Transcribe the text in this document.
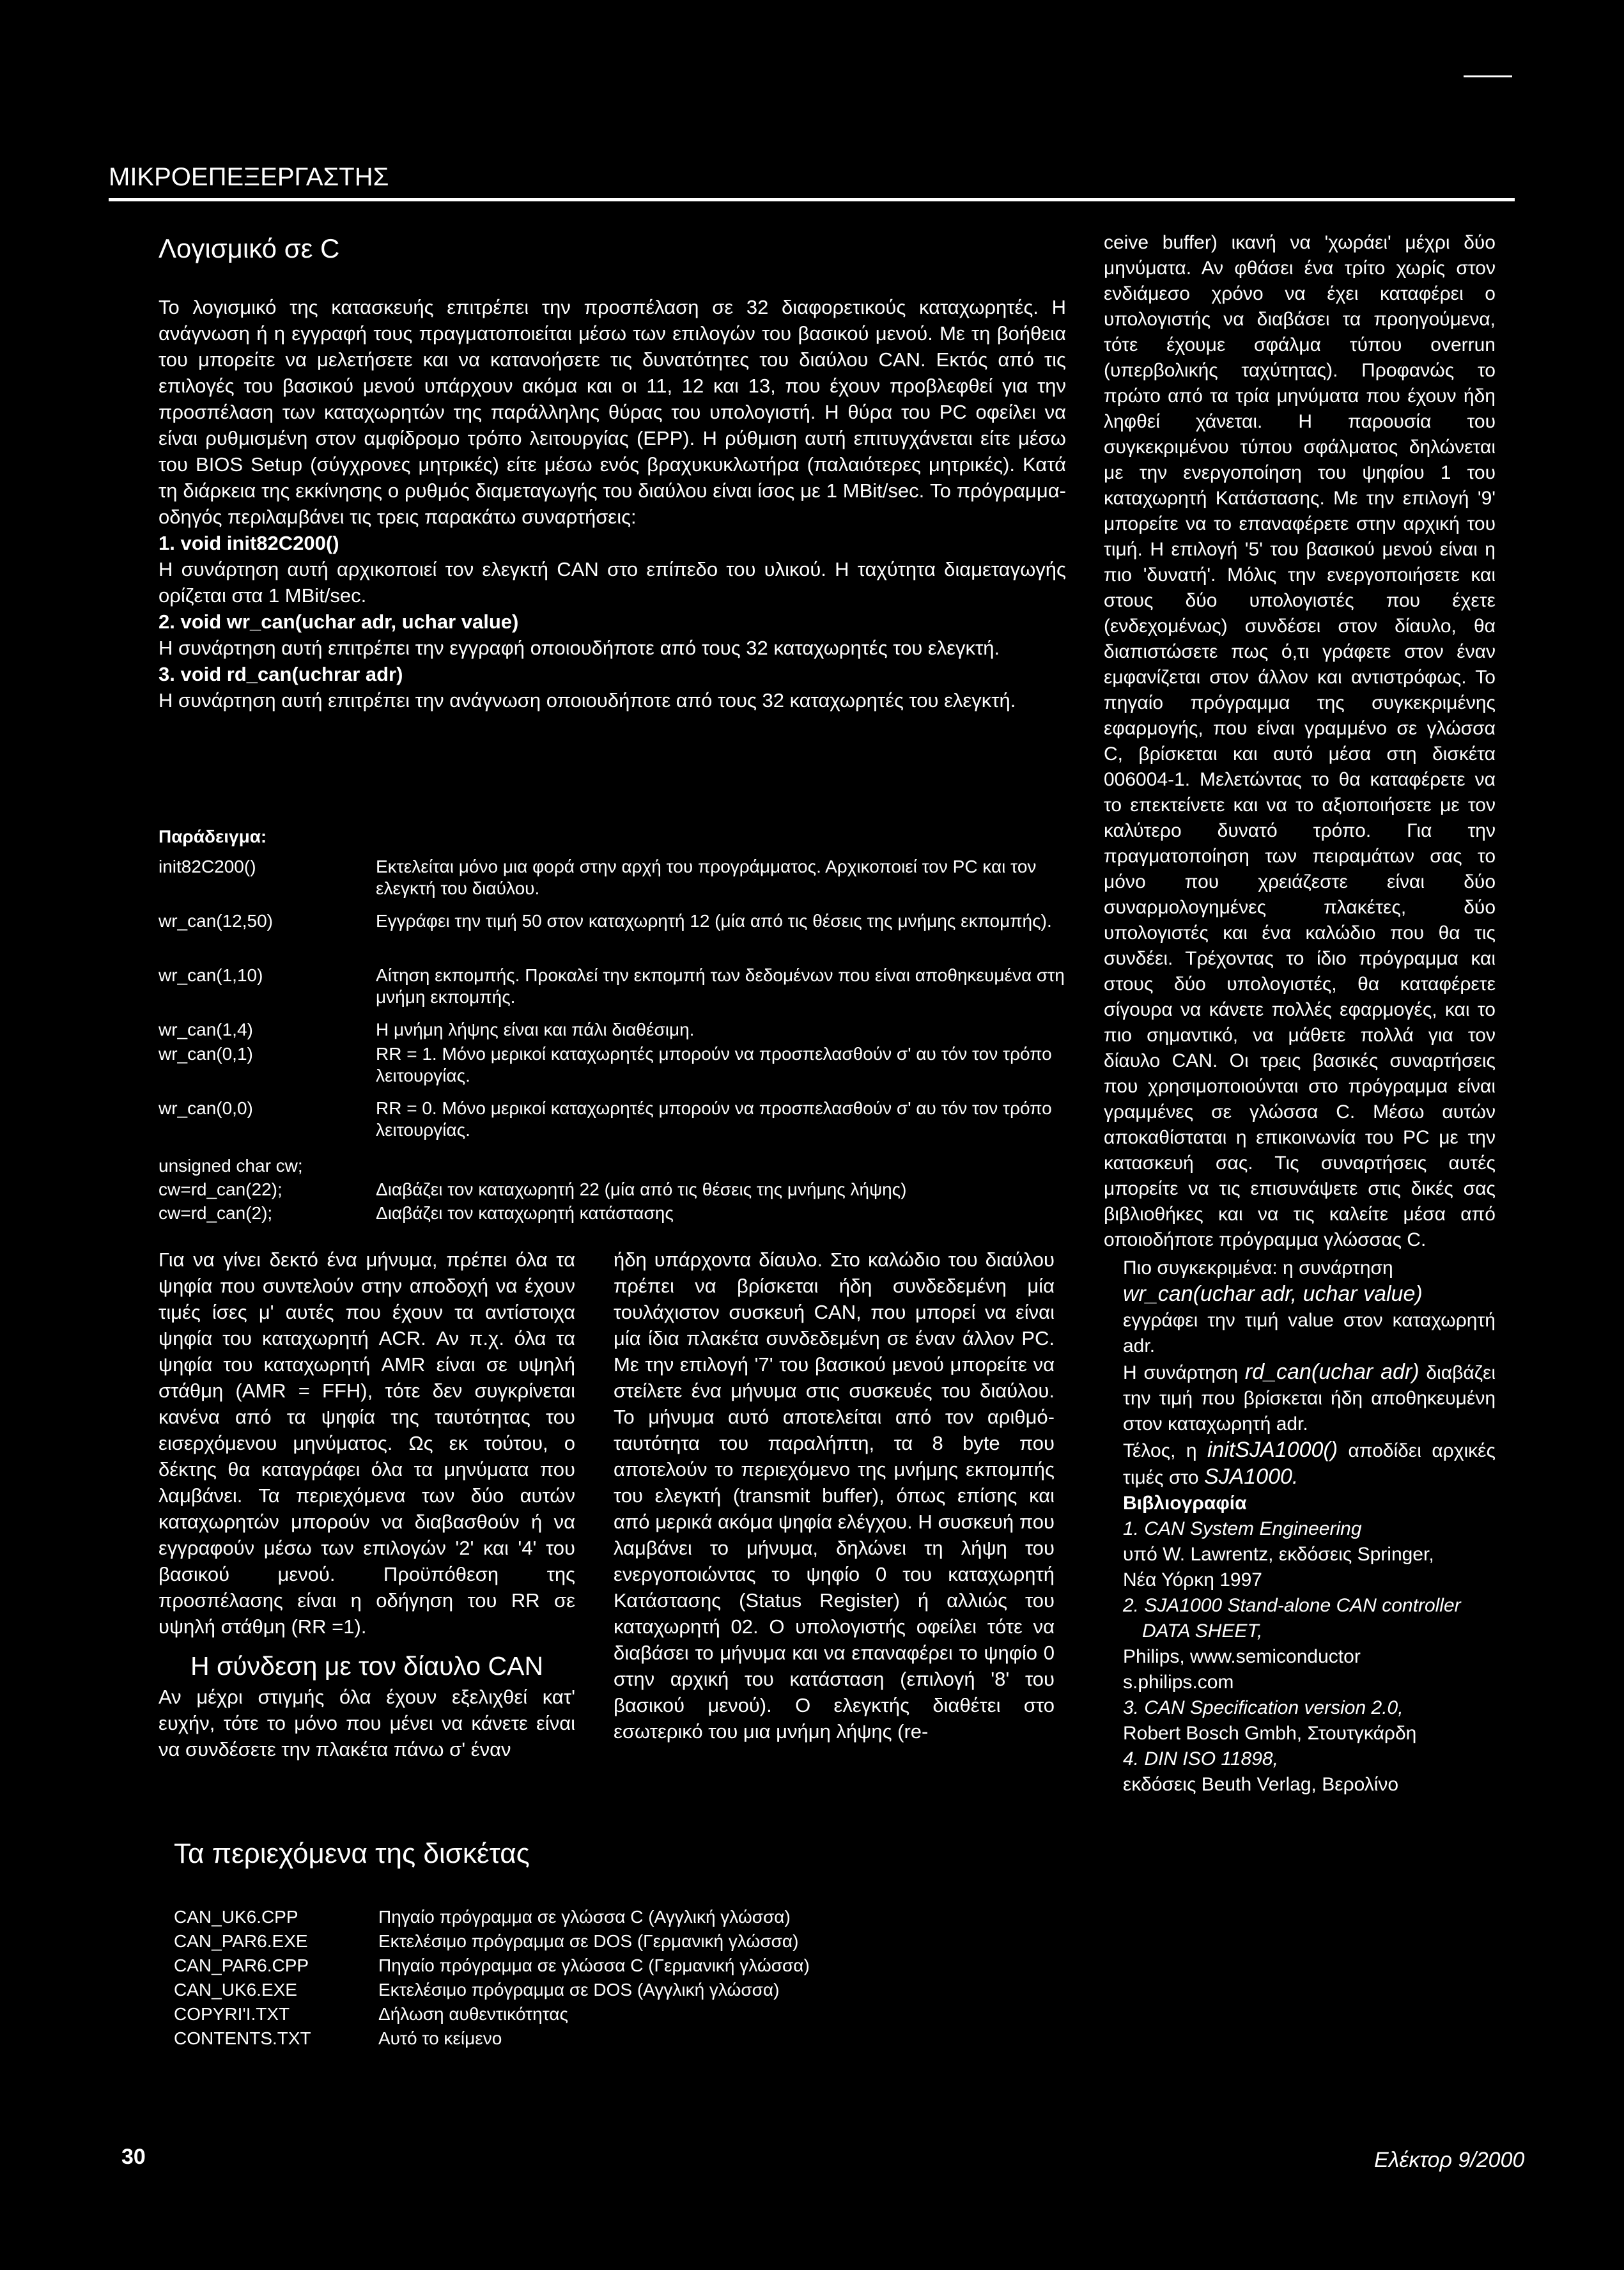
ΜΙΚΡΟΕΠΕΞΕΡΓΑΣΤΗΣ
Λογισμικό σε C

Το λογισμικό της κατασκευής επιτρέπει την προσπέλαση σε 32 διαφορετικούς καταχωρητές. Η ανάγνωση ή η εγγραφή τους πραγματοποιείται μέσω των επιλογών του βασικού μενού. Με τη βοήθεια του μπορείτε να μελετήσετε και να κατανοήσετε τις δυνατότητες του διαύλου CAN. Εκτός από τις επιλογές του βασικού μενού υπάρχουν ακόμα και οι 11, 12 και 13, που έχουν προβλεφθεί για την προσπέλαση των καταχωρητών της παράλληλης θύρας του υπολογιστή. Η θύρα του PC οφείλει να είναι ρυθμισμένη στον αμφίδρομο τρόπο λειτουργίας (EPP). Η ρύθμιση αυτή επιτυγχάνεται είτε μέσω του BIOS Setup (σύγχρονες μητρικές) είτε μέσω ενός βραχυκυκλωτήρα (παλαιότερες μητρικές). Κατά τη διάρκεια της εκκίνησης ο ρυθμός διαμεταγωγής του διαύλου είναι ίσος με 1 MBit/sec. Το πρόγραμμα-οδηγός περιλαμβάνει τις τρεις παρακάτω συναρτήσεις:

1. void init82C200()

Η συνάρτηση αυτή αρχικοποιεί τον ελεγκτή CAN στο επίπεδο του υλικού. Η ταχύτητα διαμεταγωγής ορίζεται στα 1 MBit/sec.

2. void wr_can(uchar adr, uchar value)

Η συνάρτηση αυτή επιτρέπει την εγγραφή οποιουδήποτε από τους 32 καταχωρητές του ελεγκτή.

3. void rd_can(uchrar adr)

Η συνάρτηση αυτή επιτρέπει την ανάγνωση οποιουδήποτε από τους 32 καταχωρητές του ελεγκτή.

Παράδειγμα:
init82C200()	Εκτελείται μόνο μια φορά στην αρχή του προγράμματος. Αρχικοποιεί τον PC και τον ελεγκτή του διαύλου.
wr_can(12,50)	Εγγράφει την τιμή 50 στον καταχωρητή 12 (μία από τις θέσεις της μνήμης εκπομπής).
wr_can(1,10)	Αίτηση εκπομπής. Προκαλεί την εκπομπή των δεδομένων που είναι αποθηκευμένα στη μνήμη εκπομπής.
wr_can(1,4)	Η μνήμη λήψης είναι και πάλι διαθέσιμη.
wr_can(0,1)	RR = 1. Μόνο μερικοί καταχωρητές μπορούν να προσπελασθούν σ' αυ τόν τον τρόπο λειτουργίας.
wr_can(0,0)	RR = 0. Μόνο μερικοί καταχωρητές μπορούν να προσπελασθούν σ' αυ τόν τον τρόπο λειτουργίας.
unsigned char cw;
cw=rd_can(22);	Διαβάζει τον καταχωρητή 22 (μία από τις θέσεις της μνήμης λήψης)
cw=rd_can(2);	Διαβάζει τον καταχωρητή κατάστασης

Για να γίνει δεκτό ένα μήνυμα, πρέπει όλα τα ψηφία που συντελούν στην αποδοχή να έχουν τιμές ίσες μ' αυτές που έχουν τα αντίστοιχα ψηφία του καταχωρητή ACR. Αν π.χ. όλα τα ψηφία του καταχωρητή AMR είναι σε υψηλή στάθμη (AMR = FFH), τότε δεν συγκρίνεται κανένα από τα ψηφία της ταυτότητας του εισερχόμενου μηνύματος. Ως εκ τούτου, ο δέκτης θα καταγράφει όλα τα μηνύματα που λαμβάνει. Τα περιεχόμενα των δύο αυτών καταχωρητών μπορούν να διαβασθούν ή να εγγραφούν μέσω των επιλογών '2' και '4' του βασικού μενού. Προϋπόθεση της προσπέλασης είναι η οδήγηση του RR σε υψηλή στάθμη (RR =1).

Η σύνδεση με τον δίαυλο CAN

Αν μέχρι στιγμής όλα έχουν εξελιχθεί κατ' ευχήν, τότε το μόνο που μένει να κάνετε είναι να συνδέσετε την πλακέτα πάνω σ' έναν

ήδη υπάρχοντα δίαυλο. Στο καλώδιο του διαύλου πρέπει να βρίσκεται ήδη συνδεδεμένη μία τουλάχιστον συσκευή CAN, που μπορεί να είναι μία ίδια πλακέτα συνδεδεμένη σε έναν άλλον PC. Με την επιλογή '7' του βασικού μενού μπορείτε να στείλετε ένα μήνυμα στις συσκευές του διαύλου. Το μήνυμα αυτό αποτελείται από τον αριθμό-ταυτότητα του παραλήπτη, τα 8 byte που αποτελούν το περιεχόμενο της μνήμης εκπομπής του ελεγκτή (transmit buffer), όπως επίσης και από μερικά ακόμα ψηφία ελέγχου. Η συσκευή που λαμβάνει το μήνυμα, δηλώνει τη λήψη του ενεργοποιώντας το ψηφίο 0 του καταχωρητή Κατάστασης (Status Register) ή αλλιώς του καταχωρητή 02. Ο υπολογιστής οφείλει τότε να διαβάσει το μήνυμα και να επαναφέρει το ψηφίο 0 στην αρχική του κατάσταση (επιλογή '8' του βασικού μενού). Ο ελεγκτής διαθέτει στο εσωτερικό του μια μνήμη λήψης (re-

ceive buffer) ικανή να 'χωράει' μέχρι δύο μηνύματα. Αν φθάσει ένα τρίτο χωρίς στον ενδιάμεσο χρόνο να έχει καταφέρει ο υπολογιστής να διαβάσει τα προηγούμενα, τότε έχουμε σφάλμα τύπου overrun (υπερβολικής ταχύτητας). Προφανώς το πρώτο από τα τρία μηνύματα που έχουν ήδη ληφθεί χάνεται. Η παρουσία του συγκεκριμένου τύπου σφάλματος δηλώνεται με την ενεργοποίηση του ψηφίου 1 του καταχωρητή Κατάστασης. Με την επιλογή '9' μπορείτε να το επαναφέρετε στην αρχική του τιμή. Η επιλογή '5' του βασικού μενού είναι η πιο 'δυνατή'. Μόλις την ενεργοποιήσετε και στους δύο υπολογιστές που έχετε (ενδεχομένως) συνδέσει στον δίαυλο, θα διαπιστώσετε πως ό,τι γράφετε στον έναν εμφανίζεται στον άλλον και αντιστρόφως. Το πηγαίο πρόγραμμα της συγκεκριμένης εφαρμογής, που είναι γραμμένο σε γλώσσα C, βρίσκεται και αυτό μέσα στη δισκέτα 006004-1. Μελετώντας το θα καταφέρετε να το επεκτείνετε και να το αξιοποιήσετε με τον καλύτερο δυνατό τρόπο. Για την πραγματοποίηση των πειραμάτων σας το μόνο που χρειάζεστε είναι δύο συναρμολογημένες πλακέτες, δύο υπολογιστές και ένα καλώδιο που θα τις συνδέει. Τρέχοντας το ίδιο πρόγραμμα και στους δύο υπολογιστές, θα καταφέρετε σίγουρα να κάνετε πολλές εφαρμογές, και το πιο σημαντικό, να μάθετε πολλά για τον δίαυλο CAN. Οι τρεις βασικές συναρτήσεις που χρησιμοποιούνται στο πρόγραμμα είναι γραμμένες σε γλώσσα C. Μέσω αυτών αποκαθίσταται η επικοινωνία του PC με την κατασκευή σας. Τις συναρτήσεις αυτές μπορείτε να τις επισυνάψετε στις δικές σας βιβλιοθήκες και να τις καλείτε μέσα από οποιοδήποτε πρόγραμμα γλώσσας C.

Πιο συγκεκριμένα: η συνάρτηση
wr_can(uchar adr, uchar value)
εγγράφει την τιμή value στον καταχωρητή adr.

Η συνάρτηση rd_can(uchar adr) διαβάζει την τιμή που βρίσκεται ήδη αποθηκευμένη στον καταχωρητή adr.

Τέλος, η initSJA1000() αποδίδει αρχικές τιμές στο SJA1000.

Βιβλιογραφία
1. CAN System Engineering
υπό W. Lawrentz, εκδόσεις Springer,
Νέα Υόρκη 1997
2. SJA1000 Stand-alone CAN controller
DATA SHEET,
Philips, www.semiconductor
s.philips.com
3. CAN Specification version 2.0,
Robert Bosch Gmbh, Στουτγκάρδη
4. DIN ISO 11898,
εκδόσεις Beuth Verlag, Βερολίνο
Τα περιεχόμενα της δισκέτας
CAN_UK6.CPP	Πηγαίο πρόγραμμα σε γλώσσα C (Αγγλική γλώσσα)
CAN_PAR6.EXE	Εκτελέσιμο πρόγραμμα σε DOS (Γερμανική γλώσσα)
CAN_PAR6.CPP	Πηγαίο πρόγραμμα σε γλώσσα C (Γερμανική γλώσσα)
CAN_UK6.EXE	Εκτελέσιμο πρόγραμμα σε DOS (Αγγλική γλώσσα)
COPYRI'I.TXT	Δήλωση αυθεντικότητας
CONTENTS.TXT	Αυτό το κείμενο
30	Ελέκτορ 9/2000
